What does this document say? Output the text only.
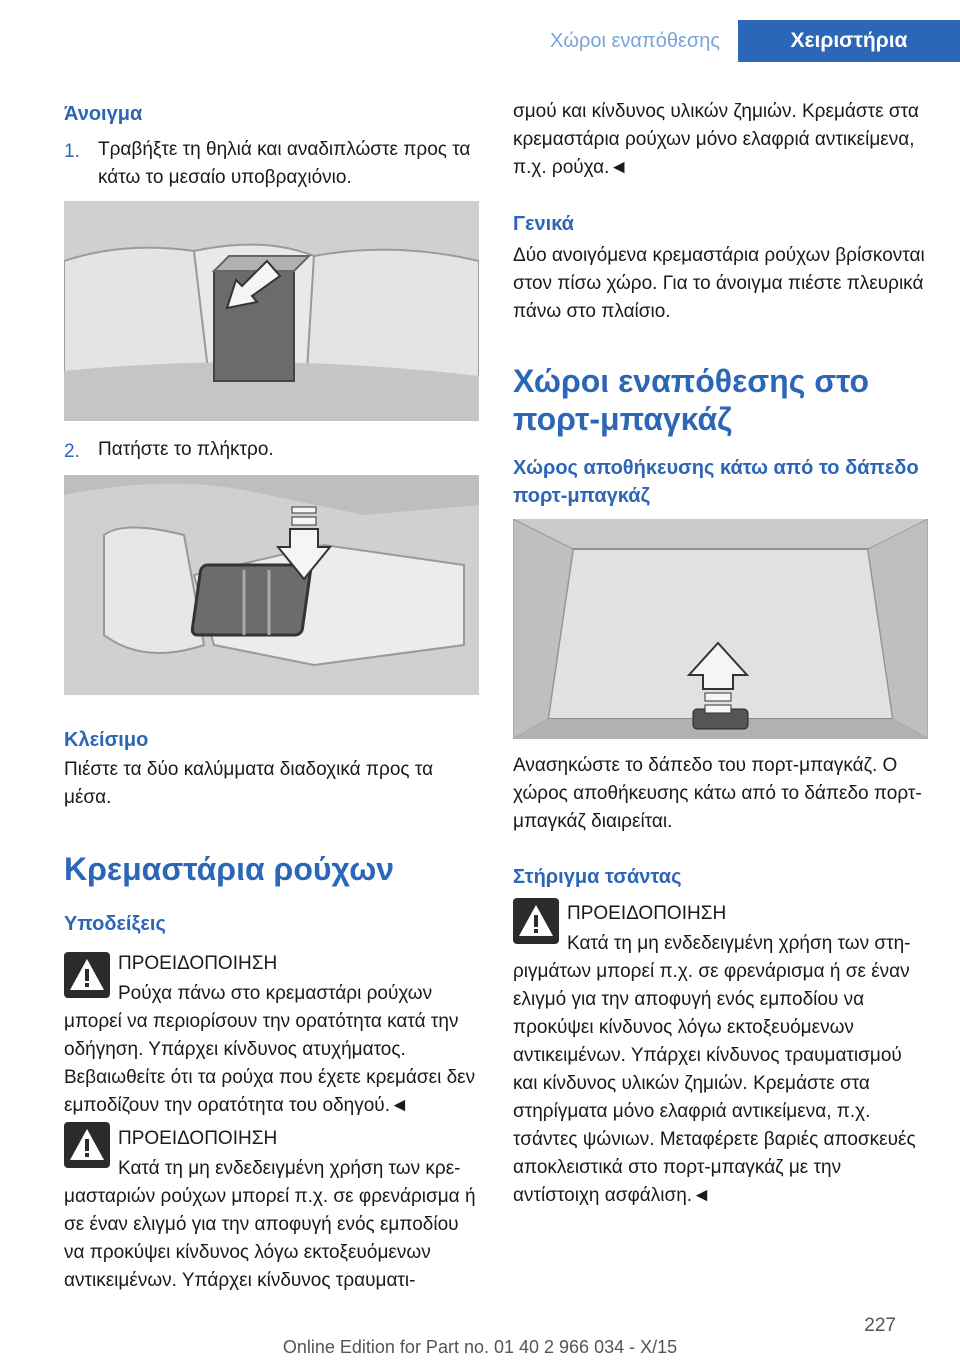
Χώροι εναπόθεσης	Χειριστήρια
Άνοιγμα
1. Τραβήξτε τη θηλιά και αναδιπλώστε προς τα κάτω το μεσαίο υποβραχιόνιο.
2. Πατήστε το πλήκτρο.
Κλείσιμο
Πιέστε τα δύο καλύμματα διαδοχικά προς τα μέσα.
Κρεμαστάρια ρούχων
Υποδείξεις
ΠΡΟΕΙΔΟΠΟΙΗΣΗ
Ρούχα πάνω στο κρεμαστάρι ρούχων
μπορεί να περιορίσουν την ορατότητα κατά την οδήγηση. Υπάρχει κίνδυνος ατυχήματος. Βεβαιωθείτε ότι τα ρούχα που έχετε κρεμάσει δεν εμποδίζουν την ορατότητα του οδηγού.◄
ΠΡΟΕΙΔΟΠΟΙΗΣΗ
Κατά τη μη ενδεδειγμένη χρήση των κρε-
μασταριών ρούχων μπορεί π.χ. σε φρενάρισμα ή σε έναν ελιγμό για την αποφυγή ενός εμποδίου να προκύψει κίνδυνος λόγω εκτοξευόμενων αντικειμένων. Υπάρχει κίνδυνος τραυματι-
σμού και κίνδυνος υλικών ζημιών. Κρεμάστε στα κρεμαστάρια ρούχων μόνο ελαφριά αντικείμενα, π.χ. ρούχα.◄
Γενικά
Δύο ανοιγόμενα κρεμαστάρια ρούχων βρίσκονται στον πίσω χώρο. Για το άνοιγμα πιέστε πλευρικά πάνω στο πλαίσιο.
Χώροι εναπόθεσης στο πορτ-μπαγκάζ
Χώρος αποθήκευσης κάτω από το δάπεδο πορτ-μπαγκάζ
Ανασηκώστε το δάπεδο του πορτ-μπαγκάζ. Ο χώρος αποθήκευσης κάτω από το δάπεδο πορτ-μπαγκάζ διαιρείται.
Στήριγμα τσάντας
ΠΡΟΕΙΔΟΠΟΙΗΣΗ
Κατά τη μη ενδεδειγμένη χρήση των στη-
ριγμάτων μπορεί π.χ. σε φρενάρισμα ή σε έναν ελιγμό για την αποφυγή ενός εμποδίου να προκύψει κίνδυνος λόγω εκτοξευόμενων αντικειμένων. Υπάρχει κίνδυνος τραυματισμού και κίνδυνος υλικών ζημιών. Κρεμάστε στα στηρίγματα μόνο ελαφριά αντικείμενα, π.χ. τσάντες ψώνιων. Μεταφέρετε βαριές αποσκευές αποκλειστικά στο πορτ-μπαγκάζ με την αντίστοιχη ασφάλιση.◄
227
Online Edition for Part no. 01 40 2 966 034 - X/15
